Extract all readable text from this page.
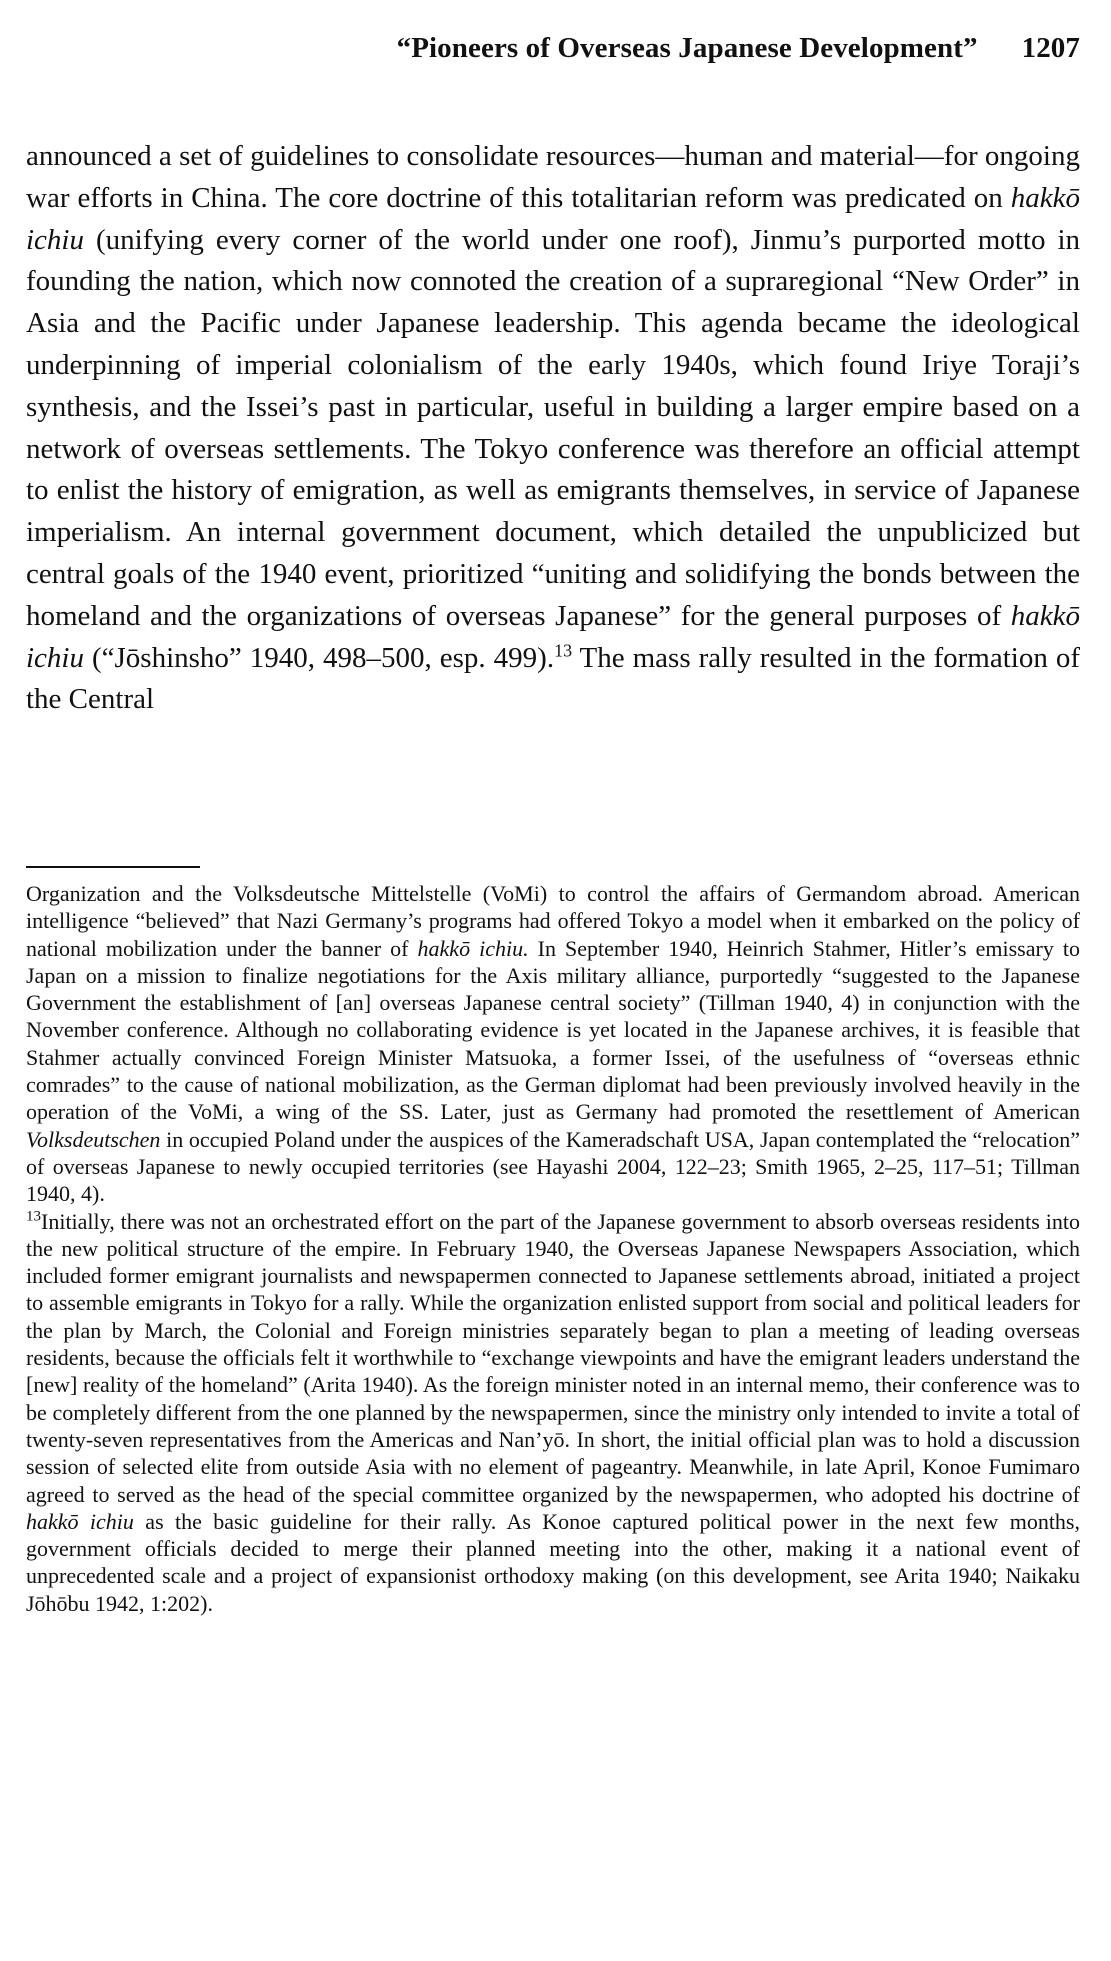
“Pioneers of Overseas Japanese Development” 1207
announced a set of guidelines to consolidate resources—human and material—for ongoing war efforts in China. The core doctrine of this totalitarian reform was predicated on hakkō ichiu (unifying every corner of the world under one roof), Jinmu’s purported motto in founding the nation, which now connoted the creation of a supraregional “New Order” in Asia and the Pacific under Japanese leadership. This agenda became the ideological underpinning of imperial colonialism of the early 1940s, which found Iriye Toraji’s synthesis, and the Issei’s past in particular, useful in building a larger empire based on a network of overseas settlements. The Tokyo conference was therefore an official attempt to enlist the history of emigration, as well as emigrants themselves, in service of Japanese imperialism. An internal government document, which detailed the unpublicized but central goals of the 1940 event, prioritized “uniting and solidifying the bonds between the homeland and the organizations of overseas Japanese” for the general purposes of hakkō ichiu (“Jōshinsho” 1940, 498–500, esp. 499).$^{13}$ The mass rally resulted in the formation of the Central

Organization and the Volksdeutsche Mittelstelle (VoMi) to control the affairs of Germandom abroad. American intelligence “believed” that Nazi Germany’s programs had offered Tokyo a model when it embarked on the policy of national mobilization under the banner of hakkō ichiu. In September 1940, Heinrich Stahmer, Hitler’s emissary to Japan on a mission to finalize negotiations for the Axis military alliance, purportedly “suggested to the Japanese Government the establishment of [an] overseas Japanese central society” (Tillman 1940, 4) in conjunction with the November conference. Although no collaborating evidence is yet located in the Japanese archives, it is feasible that Stahmer actually convinced Foreign Minister Matsuoka, a former Issei, of the usefulness of “overseas ethnic comrades” to the cause of national mobilization, as the German diplomat had been previously involved heavily in the operation of the VoMi, a wing of the SS. Later, just as Germany had promoted the resettlement of American Volksdeutschen in occupied Poland under the auspices of the Kameradschaft USA, Japan contemplated the “relocation” of overseas Japanese to newly occupied territories (see Hayashi 2004, 122–23; Smith 1965, 2–25, 117–51; Tillman 1940, 4).

$^{13}$Initially, there was not an orchestrated effort on the part of the Japanese government to absorb overseas residents into the new political structure of the empire. In February 1940, the Overseas Japanese Newspapers Association, which included former emigrant journalists and newspapermen connected to Japanese settlements abroad, initiated a project to assemble emigrants in Tokyo for a rally. While the organization enlisted support from social and political leaders for the plan by March, the Colonial and Foreign ministries separately began to plan a meeting of leading overseas residents, because the officials felt it worthwhile to “exchange viewpoints and have the emigrant leaders understand the [new] reality of the homeland” (Arita 1940). As the foreign minister noted in an internal memo, their conference was to be completely different from the one planned by the newspapermen, since the ministry only intended to invite a total of twenty-seven representatives from the Americas and Nan’yō. In short, the initial official plan was to hold a discussion session of selected elite from outside Asia with no element of pageantry. Meanwhile, in late April, Konoe Fumimaro agreed to served as the head of the special committee organized by the newspapermen, who adopted his doctrine of hakkō ichiu as the basic guideline for their rally. As Konoe captured political power in the next few months, government officials decided to merge their planned meeting into the other, making it a national event of unprecedented scale and a project of expansionist orthodoxy making (on this development, see Arita 1940; Naikaku Jōhōbu 1942, 1:202).
